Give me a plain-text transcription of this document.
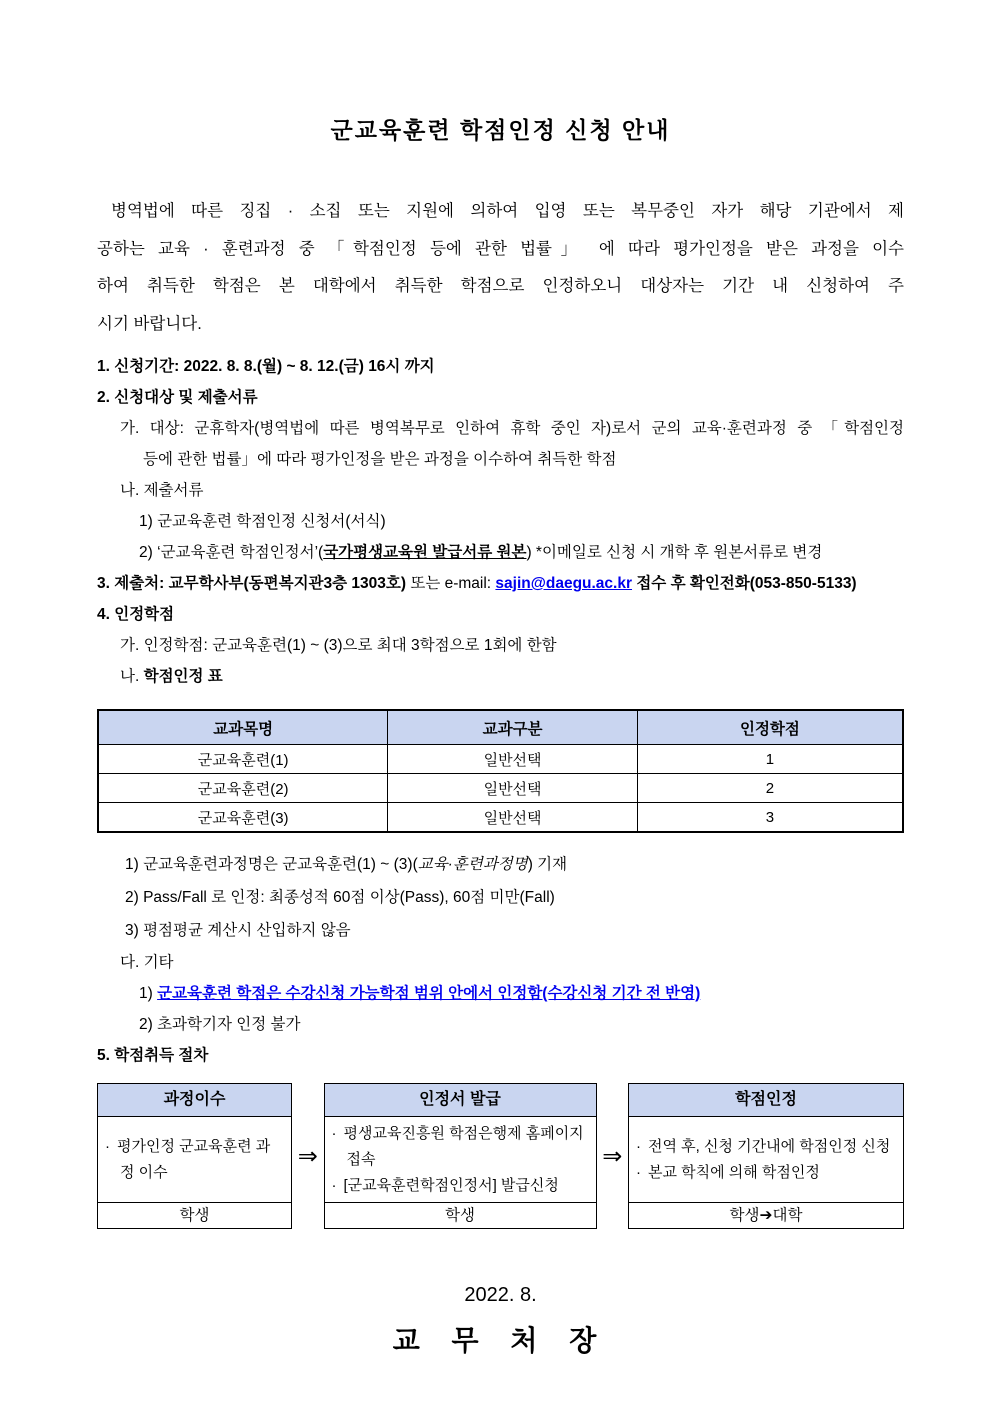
군교육훈련 학점인정 신청 안내
병역법에 따른 징집 · 소집 또는 지원에 의하여 입영 또는 복무중인 자가 해당 기관에서 제
공하는 교육 · 훈련과정 중 「학점인정 등에 관한 법률」 에 따라 평가인정을 받은 과정을 이수
하여 취득한 학점은 본 대학에서 취득한 학점으로 인정하오니 대상자는 기간 내 신청하여 주
시기 바랍니다.
1. 신청기간: 2022. 8. 8.(월) ~ 8. 12.(금) 16시 까지
2. 신청대상 및 제출서류
가. 대상: 군휴학자(병역법에 따른 병역복무로 인하여 휴학 중인 자)로서 군의 교육·훈련과정 중 「학점인정
등에 관한 법률」에 따라 평가인정을 받은 과정을 이수하여 취득한 학점
나. 제출서류
1) 군교육훈련 학점인정 신청서(서식)
2) ‘군교육훈련 학점인정서’(국가평생교육원 발급서류 원본) *이메일로 신청 시 개학 후 원본서류로 변경
3. 제출처: 교무학사부(동편복지관3층 1303호) 또는 e-mail: sajin@daegu.ac.kr 접수 후 확인전화(053-850-5133)
4. 인정학점
가. 인정학점: 군교육훈련(1) ~ (3)으로 최대 3학점으로 1회에 한함
나. 학점인정 표
교과목명	교과구분	인정학점
군교육훈련(1)	일반선택	1
군교육훈련(2)	일반선택	2
군교육훈련(3)	일반선택	3
1) 군교육훈련과정명은 군교육훈련(1) ~ (3)(교육·훈련과정명) 기재
2) Pass/Fall 로 인정: 최종성적 60점 이상(Pass), 60점 미만(Fall)
3) 평점평균 계산시 산입하지 않음
다. 기타
1) 군교육훈련 학점은 수강신청 가능학점 범위 안에서 인정함(수강신청 기간 전 반영)
2) 초과학기자 인정 불가
5. 학점취득 절차
과정이수
· 평가인정 군교육훈련 과정 이수
학생
⇒
인정서 발급
· 평생교육진흥원 학점은행제 홈페이지 접속
· [군교육훈련학점인정서] 발급신청
학생
⇒
학점인정
· 전역 후, 신청 기간내에 학점인정 신청
· 본교 학칙에 의해 학점인정
학생➔대학
2022. 8.
교 무 처 장
